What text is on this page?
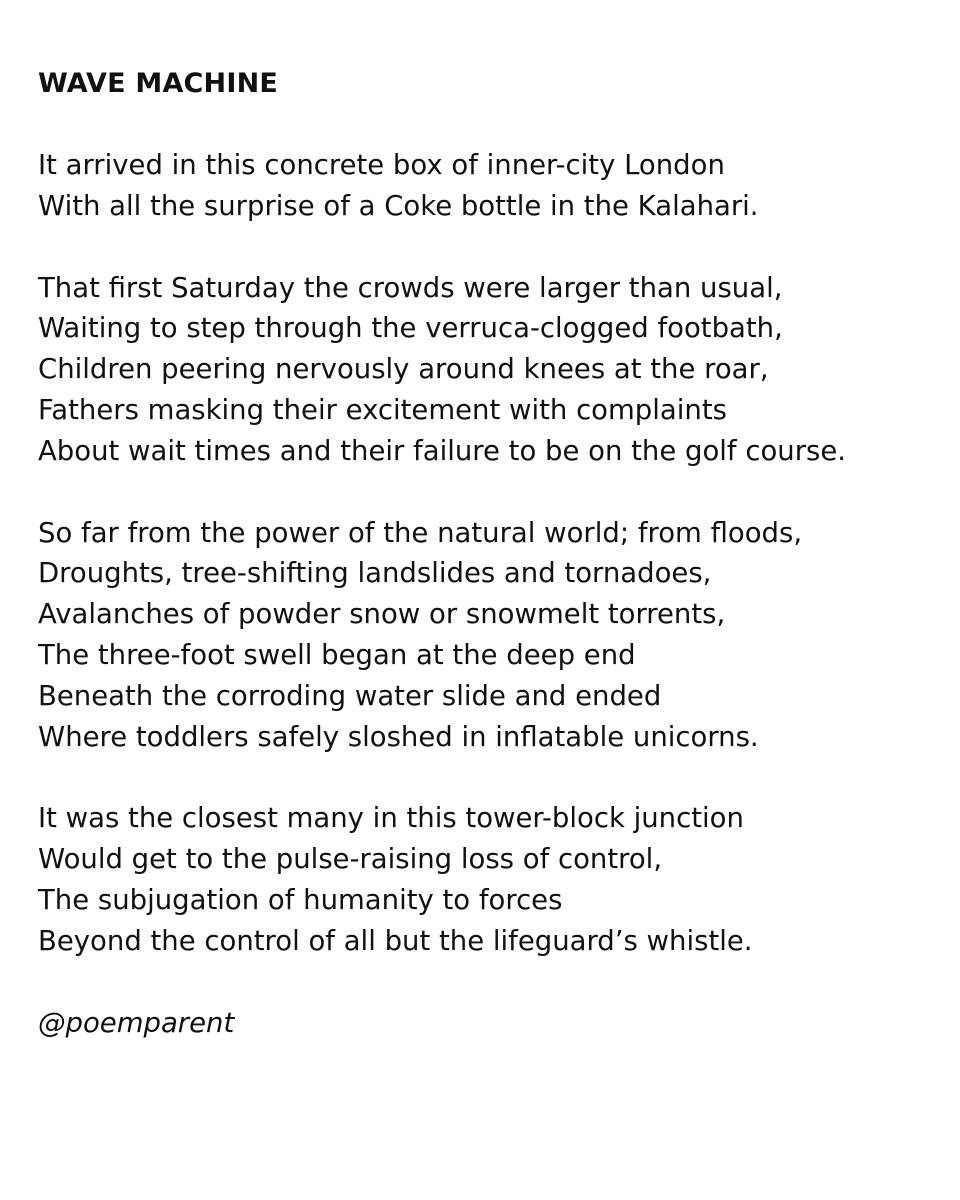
WAVE MACHINE
It arrived in this concrete box of inner-city London
With all the surprise of a Coke bottle in the Kalahari.
That first Saturday the crowds were larger than usual,
Waiting to step through the verruca-clogged footbath,
Children peering nervously around knees at the roar,
Fathers masking their excitement with complaints
About wait times and their failure to be on the golf course.
So far from the power of the natural world; from floods,
Droughts, tree-shifting landslides and tornadoes,
Avalanches of powder snow or snowmelt torrents,
The three-foot swell began at the deep end
Beneath the corroding water slide and ended
Where toddlers safely sloshed in inflatable unicorns.
It was the closest many in this tower-block junction
Would get to the pulse-raising loss of control,
The subjugation of humanity to forces
Beyond the control of all but the lifeguard’s whistle.
@poemparent
